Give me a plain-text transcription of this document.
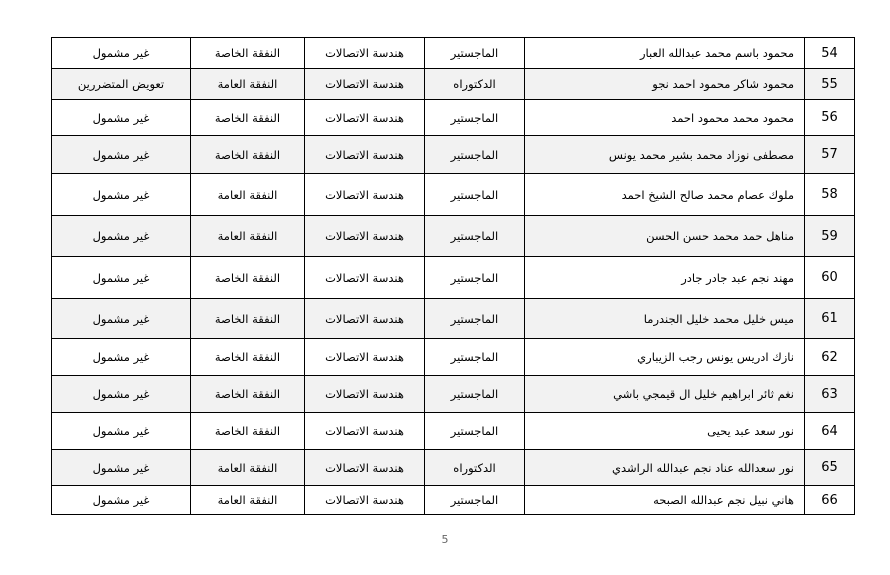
54	محمود باسم محمد عبدالله العبار	الماجستير	هندسة الاتصالات	النفقة الخاصة	غير مشمول
55	محمود شاكر محمود احمد نجو	الدكتوراه	هندسة الاتصالات	النفقة العامة	تعويض المتضررين
56	محمود محمد محمود احمد	الماجستير	هندسة الاتصالات	النفقة الخاصة	غير مشمول
57	مصطفى نوزاد محمد بشير محمد يونس	الماجستير	هندسة الاتصالات	النفقة الخاصة	غير مشمول
58	ملوك عصام محمد صالح الشيخ احمد	الماجستير	هندسة الاتصالات	النفقة العامة	غير مشمول
59	مناهل حمد محمد حسن الحسن	الماجستير	هندسة الاتصالات	النفقة العامة	غير مشمول
60	مهند نجم عبد جادر جادر	الماجستير	هندسة الاتصالات	النفقة الخاصة	غير مشمول
61	ميس خليل محمد خليل الجندرما	الماجستير	هندسة الاتصالات	النفقة الخاصة	غير مشمول
62	نازك ادريس يونس رجب الزيباري	الماجستير	هندسة الاتصالات	النفقة الخاصة	غير مشمول
63	نغم ثائر ابراهيم خليل ال قيمجي باشي	الماجستير	هندسة الاتصالات	النفقة الخاصة	غير مشمول
64	نور سعد عبد يحيى	الماجستير	هندسة الاتصالات	النفقة الخاصة	غير مشمول
65	نور سعدالله عناد نجم عبدالله الراشدي	الدكتوراه	هندسة الاتصالات	النفقة العامة	غير مشمول
66	هاني نبيل نجم عبدالله الصبحه	الماجستير	هندسة الاتصالات	النفقة العامة	غير مشمول
5
